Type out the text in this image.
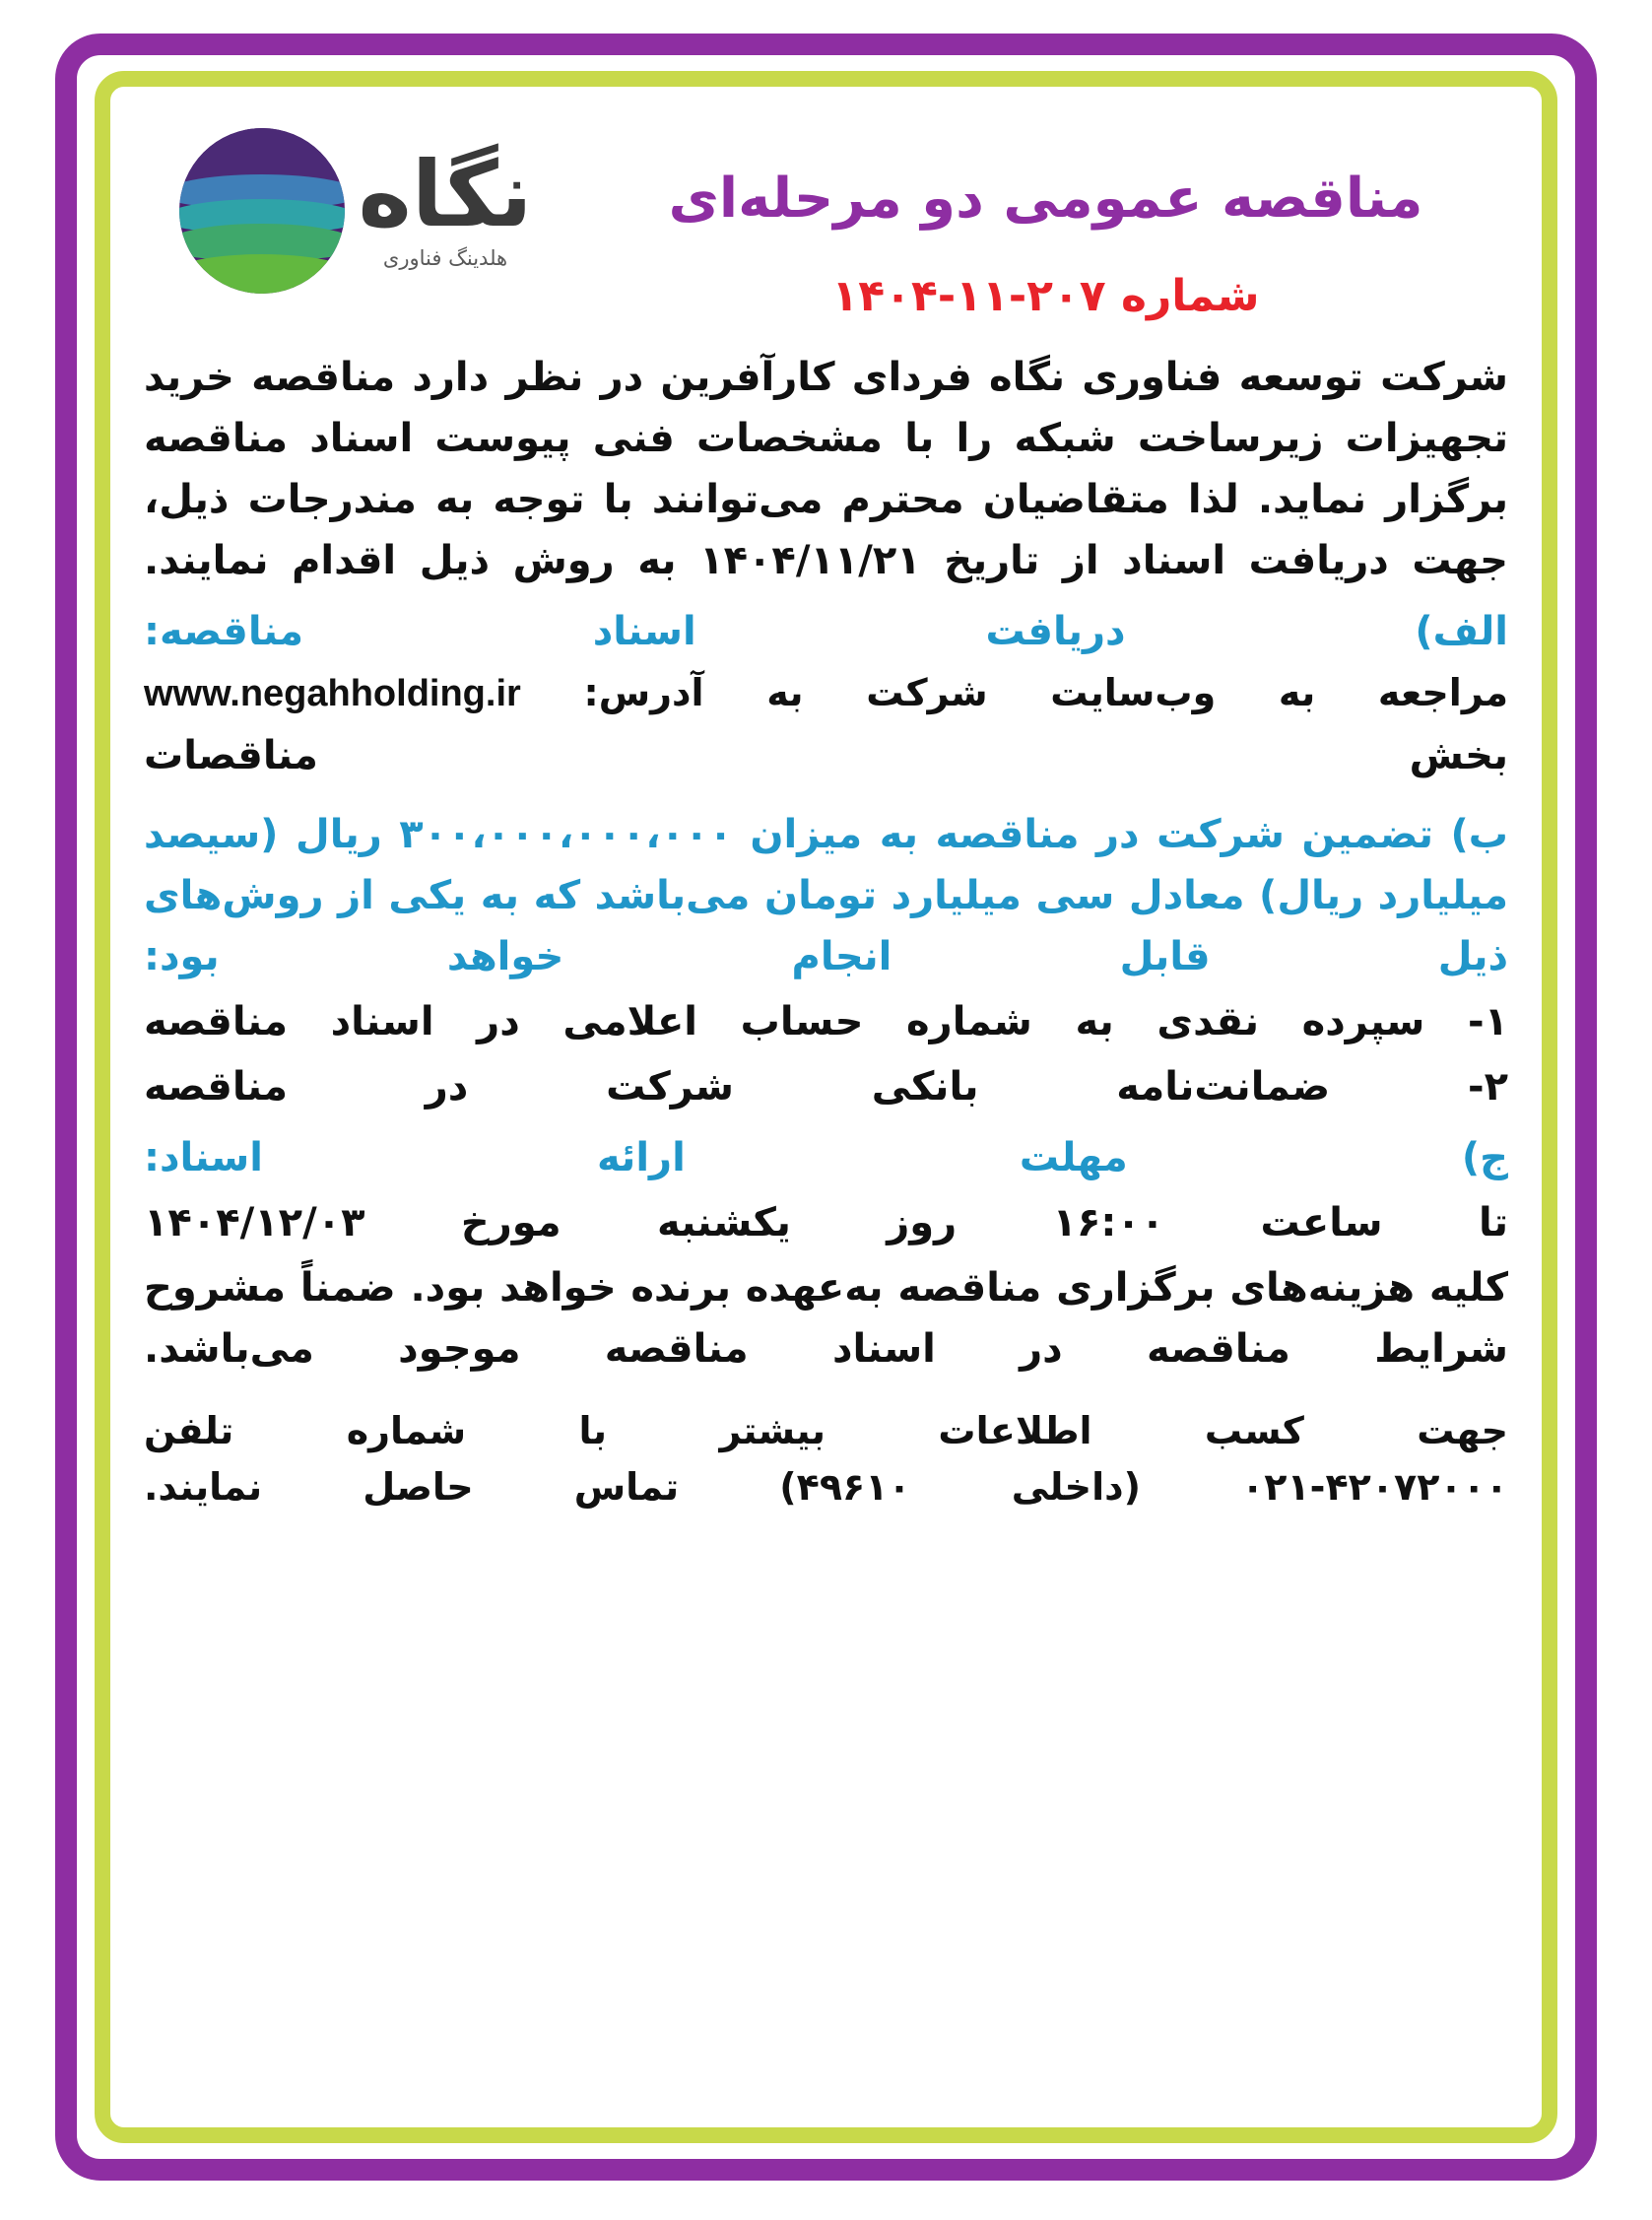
نگاه
هلدینگ فناوری
مناقصه عمومی دو مرحله‌ای
شماره ۲۰۷-۱۱-۱۴۰۴

شرکت توسعه فناوری نگاه فردای کارآفرین در نظر دارد مناقصه خرید تجهیزات زیرساخت شبکه را با مشخصات فنی پیوست اسناد مناقصه برگزار نماید. لذا متقاضیان محترم می‌توانند با توجه به مندرجات ذیل، جهت دریافت اسناد از تاریخ ۱۴۰۴/۱۱/۲۱ به روش ذیل اقدام نمایند.

الف) دریافت اسناد مناقصه:
مراجعه به وب‌سایت شرکت به آدرس: www.negahholding.ir
بخش مناقصات
ب) تضمین شرکت در مناقصه به میزان ۳۰۰،۰۰۰،۰۰۰،۰۰۰ ریال (سیصد میلیارد ریال) معادل سی میلیارد تومان می‌باشد که به یکی از روش‌های ذیل قابل انجام خواهد بود:
۱- سپرده نقدی به شماره حساب اعلامی در اسناد مناقصه
۲- ضمانت‌نامه بانکی شرکت در مناقصه
ج) مهلت ارائه اسناد:
تا ساعت ۱۶:۰۰ روز یکشنبه مورخ ۱۴۰۴/۱۲/۰۳

کلیه هزینه‌های برگزاری مناقصه به‌عهده برنده خواهد بود. ضمناً مشروح شرایط مناقصه در اسناد مناقصه موجود می‌باشد.

جهت کسب اطلاعات بیشتر با شماره تلفن
۰۲۱-۴۲۰۷۲۰۰۰ (داخلی ۴۹۶۱۰) تماس حاصل نمایند.
